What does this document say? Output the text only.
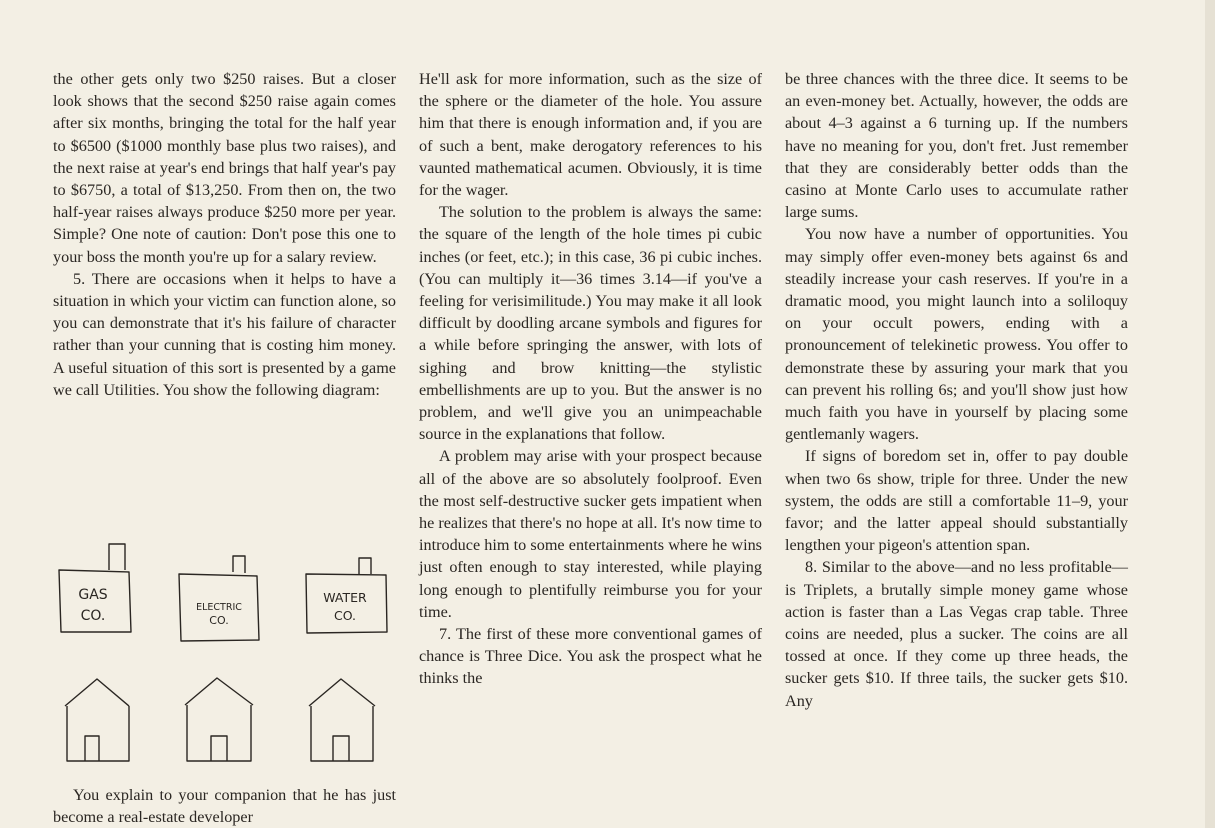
the other gets only two $250 raises. But a closer look shows that the second $250 raise again comes after six months, bringing the total for the half year to $6500 ($1000 monthly base plus two raises), and the next raise at year's end brings that half year's pay to $6750, a total of $13,250. From then on, the two half-year raises always produce $250 more per year. Simple? One note of caution: Don't pose this one to your boss the month you're up for a salary review.

5. There are occasions when it helps to have a situation in which your victim can function alone, so you can demonstrate that it's his failure of character rather than your cunning that is costing him money. A useful situation of this sort is presented by a game we call Utilities. You show the following diagram:

GAS
CO.
ELECTRIC
CO.
WATER
CO.

You explain to your companion that he has just become a real-estate developer

He'll ask for more information, such as the size of the sphere or the diameter of the hole. You assure him that there is enough information and, if you are of such a bent, make derogatory references to his vaunted mathematical acumen. Obviously, it is time for the wager.

The solution to the problem is always the same: the square of the length of the hole times pi cubic inches (or feet, etc.); in this case, 36 pi cubic inches. (You can multiply it—36 times 3.14—if you've a feeling for verisimilitude.) You may make it all look difficult by doodling arcane symbols and figures for a while before springing the answer, with lots of sighing and brow knitting—the stylistic embellishments are up to you. But the answer is no problem, and we'll give you an unimpeachable source in the explanations that follow.

A problem may arise with your prospect because all of the above are so absolutely foolproof. Even the most self-destructive sucker gets impatient when he realizes that there's no hope at all. It's now time to introduce him to some entertainments where he wins just often enough to stay interested, while playing long enough to plentifully reimburse you for your time.

7. The first of these more conventional games of chance is Three Dice. You ask the prospect what he thinks the

be three chances with the three dice. It seems to be an even-money bet. Actually, however, the odds are about 4–3 against a 6 turning up. If the numbers have no meaning for you, don't fret. Just remember that they are considerably better odds than the casino at Monte Carlo uses to accumulate rather large sums.

You now have a number of opportunities. You may simply offer even-money bets against 6s and steadily increase your cash reserves. If you're in a dramatic mood, you might launch into a soliloquy on your occult powers, ending with a pronouncement of telekinetic prowess. You offer to demonstrate these by assuring your mark that you can prevent his rolling 6s; and you'll show just how much faith you have in yourself by placing some gentlemanly wagers.

If signs of boredom set in, offer to pay double when two 6s show, triple for three. Under the new system, the odds are still a comfortable 11–9, your favor; and the latter appeal should substantially lengthen your pigeon's attention span.

8. Similar to the above—and no less profitable—is Triplets, a brutally simple money game whose action is faster than a Las Vegas crap table. Three coins are needed, plus a sucker. The coins are all tossed at once. If they come up three heads, the sucker gets $10. If three tails, the sucker gets $10. Any
